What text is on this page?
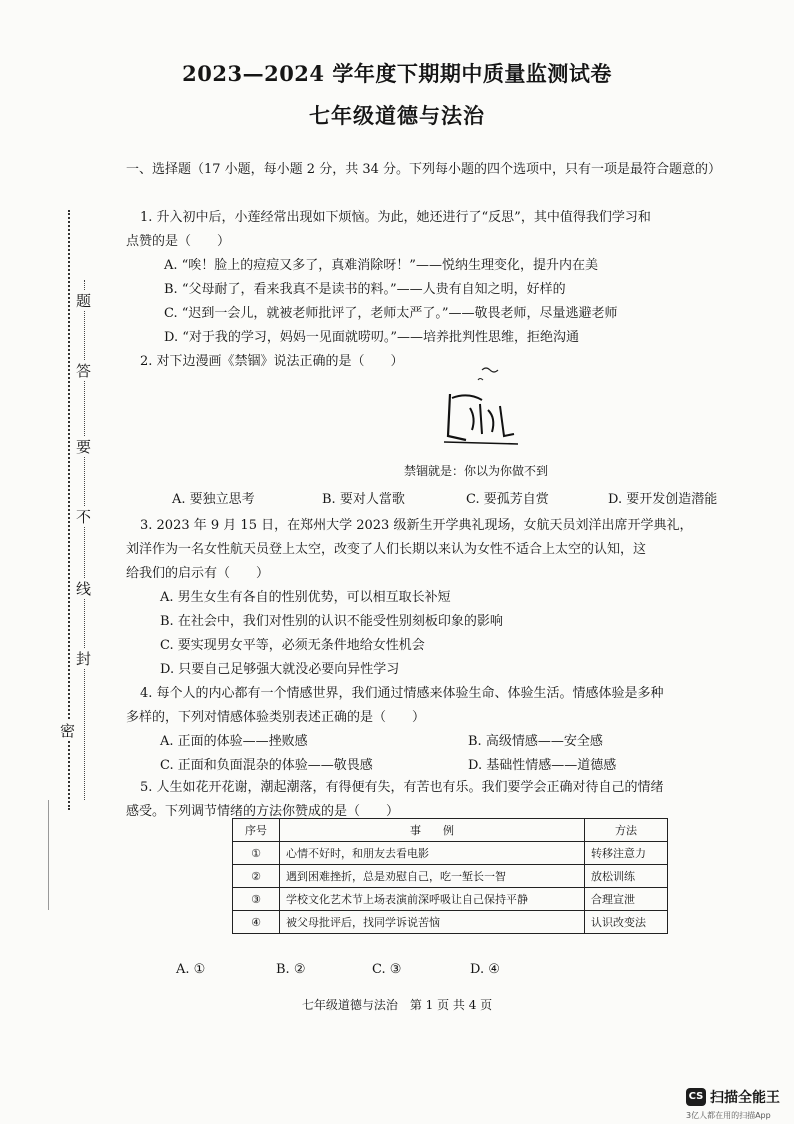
密
封
线
不
要
答
题
2023—2024 学年度下期期中质量监测试卷
七年级道德与法治
一、选择题（17 小题，每小题 2 分，共 34 分。下列每小题的四个选项中，只有一项是最符合题意的）
1. 升入初中后，小莲经常出现如下烦恼。为此，她还进行了“反思”，其中值得我们学习和
点赞的是（　　）
A. “唉！脸上的痘痘又多了，真难消除呀！”——悦纳生理变化，提升内在美
B. “父母耐了，看来我真不是读书的料。”——人贵有自知之明，好样的
C. “迟到一会儿，就被老师批评了，老师太严了。”——敬畏老师，尽量逃避老师
D. “对于我的学习，妈妈一见面就唠叨。”——培养批判性思维，拒绝沟通
2. 对下边漫画《禁锢》说法正确的是（　　）
禁锢就是：你以为你做不到
A. 要独立思考	B. 要对人當歌	C. 要孤芳自赏	D. 要开发创造潜能
3. 2023 年 9 月 15 日，在郑州大学 2023 级新生开学典礼现场，女航天员刘洋出席开学典礼，
刘洋作为一名女性航天员登上太空，改变了人们长期以来认为女性不适合上太空的认知，这
给我们的启示有（　　）
A. 男生女生有各自的性别优势，可以相互取长补短
B. 在社会中，我们对性别的认识不能受性别刻板印象的影响
C. 要实现男女平等，必须无条件地给女性机会
D. 只要自己足够强大就没必要向异性学习
4. 每个人的内心都有一个情感世界，我们通过情感来体验生命、体验生活。情感体验是多种
多样的，下列对情感体验类别表述正确的是（　　）
A. 正面的体验——挫败感	B. 高级情感——安全感
C. 正面和负面混杂的体验——敬畏感	D. 基础性情感——道德感
5. 人生如花开花谢，潮起潮落，有得便有失，有苦也有乐。我们要学会正确对待自己的情绪
感受。下列调节情绪的方法你赞成的是（　　）
序号	事　　例	方法
①	心情不好时，和朋友去看电影	转移注意力
②	遇到困难挫折，总是劝慰自己，吃一堑长一智	放松训练
③	学校文化艺术节上场表演前深呼吸让自己保持平静	合理宣泄
④	被父母批评后，找同学诉说苦恼	认识改变法
A. ①	B. ②	C. ③	D. ④
七年级道德与法治　第 1 页 共 4 页
CS 扫描全能王
3亿人都在用的扫描App
